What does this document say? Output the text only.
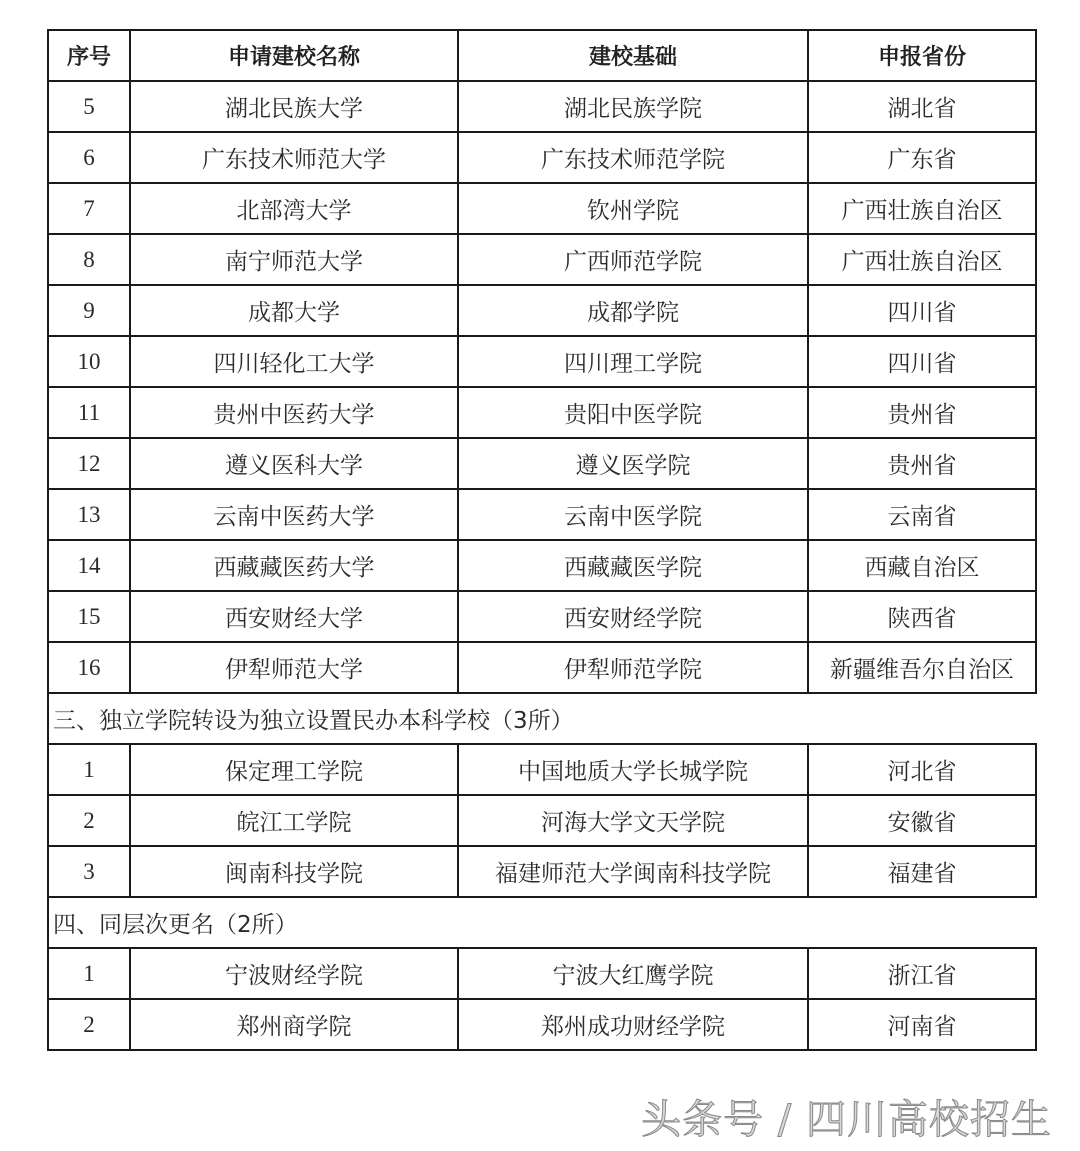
序号	申请建校名称	建校基础	申报省份
5	湖北民族大学	湖北民族学院	湖北省
6	广东技术师范大学	广东技术师范学院	广东省
7	北部湾大学	钦州学院	广西壮族自治区
8	南宁师范大学	广西师范学院	广西壮族自治区
9	成都大学	成都学院	四川省
10	四川轻化工大学	四川理工学院	四川省
11	贵州中医药大学	贵阳中医学院	贵州省
12	遵义医科大学	遵义医学院	贵州省
13	云南中医药大学	云南中医学院	云南省
14	西藏藏医药大学	西藏藏医学院	西藏自治区
15	西安财经大学	西安财经学院	陕西省
16	伊犁师范大学	伊犁师范学院	新疆维吾尔自治区
三、独立学院转设为独立设置民办本科学校（3所）			
1	保定理工学院	中国地质大学长城学院	河北省
2	皖江工学院	河海大学文天学院	安徽省
3	闽南科技学院	福建师范大学闽南科技学院	福建省
四、同层次更名（2所）			
1	宁波财经学院	宁波大红鹰学院	浙江省
2	郑州商学院	郑州成功财经学院	河南省
头条号 / 四川高校招生
